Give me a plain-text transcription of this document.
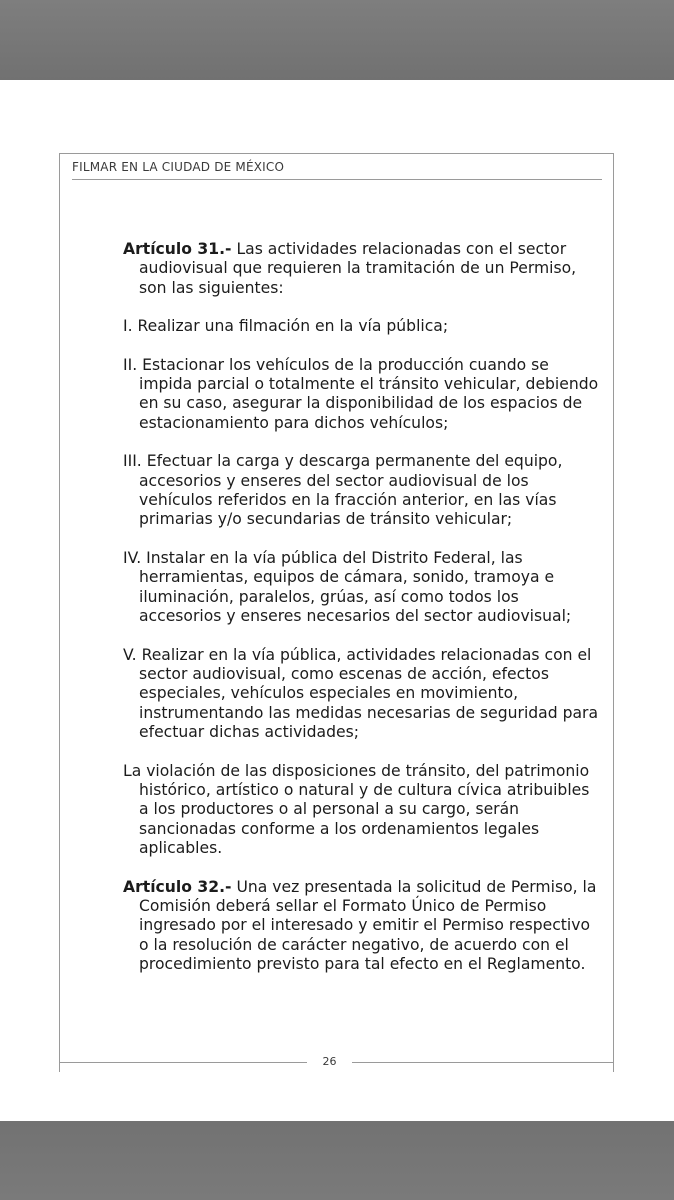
FILMAR EN LA CIUDAD DE MÉXICO

Artículo 31.- Las actividades relacionadas con el sector audiovisual que requieren la tramitación de un Permiso, son las siguientes:

I. Realizar una filmación en la vía pública;

II. Estacionar los vehículos de la producción cuando se impida parcial o totalmente el tránsito vehicular, debiendo en su caso, asegurar la disponibilidad de los espacios de estacionamiento para dichos vehículos;

III. Efectuar la carga y descarga permanente del equipo, accesorios y enseres del sector audiovisual de los vehículos referidos en la fracción anterior, en las vías primarias y/o secundarias de tránsito vehicular;

IV. Instalar en la vía pública del Distrito Federal, las herramientas, equipos de cámara, sonido, tramoya e iluminación, paralelos, grúas, así como todos los accesorios y enseres necesarios del sector audiovisual;

V. Realizar en la vía pública, actividades relacionadas con el sector audiovisual, como escenas de acción, efectos especiales, vehículos especiales en movimiento, instrumentando las medidas necesarias de seguridad para efectuar dichas actividades;

La violación de las disposiciones de tránsito, del patrimonio histórico, artístico o natural y de cultura cívica atribuibles a los productores o al personal a su cargo, serán sancionadas conforme a los ordenamientos legales aplicables.

Artículo 32.- Una vez presentada la solicitud de Permiso, la Comisión deberá sellar el Formato Único de Permiso ingresado por el interesado y emitir el Permiso respectivo o la resolución de carácter negativo, de acuerdo con el procedimiento previsto para tal efecto en el Reglamento.

26
